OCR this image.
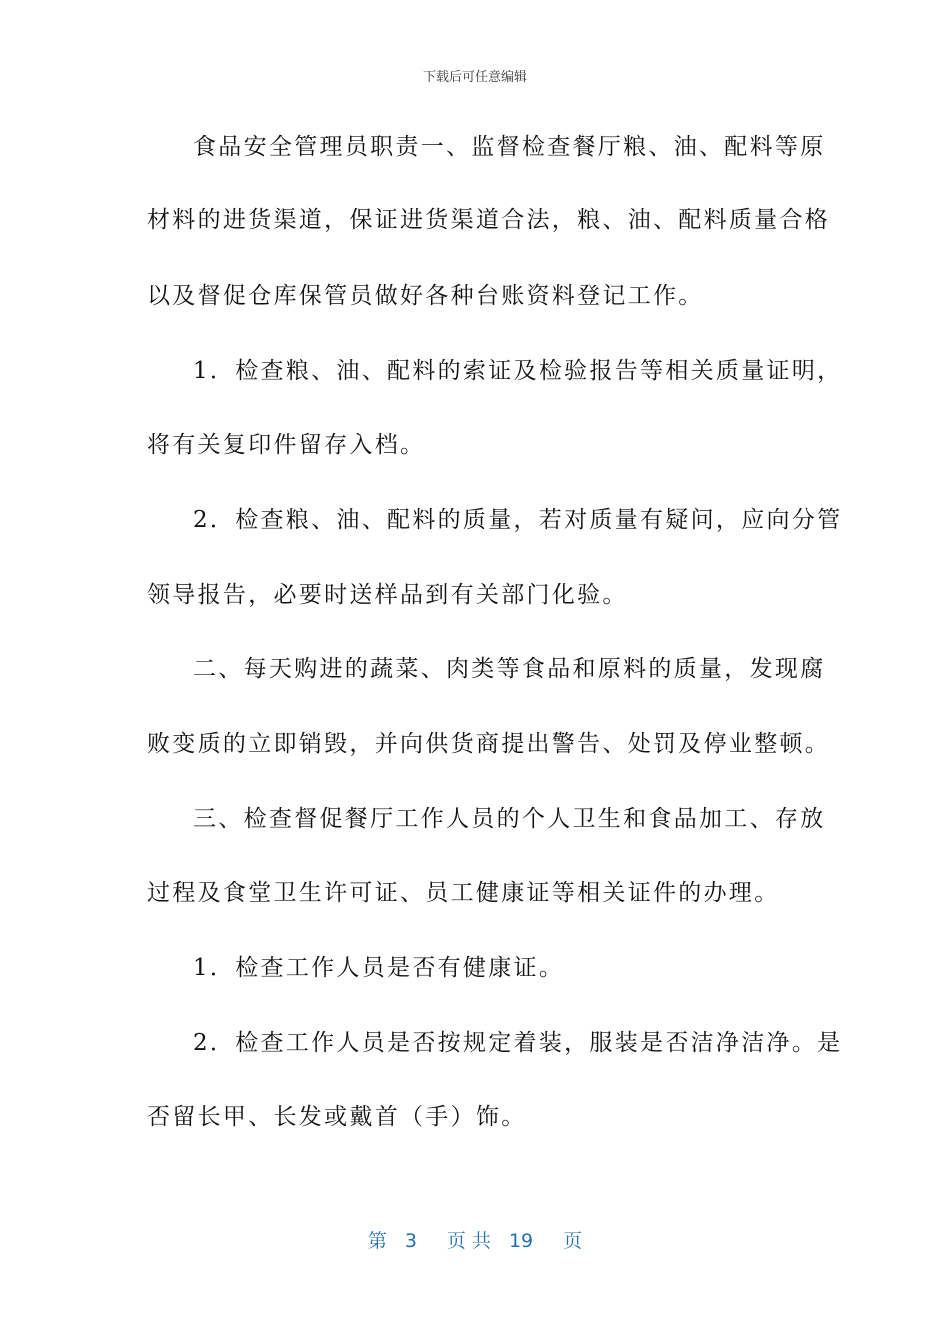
下载后可任意编辑
食品安全管理员职责一、监督检查餐厅粮、油、配料等原
材料的进货渠道，保证进货渠道合法，粮、油、配料质量合格
以及督促仓库保管员做好各种台账资料登记工作。
1．检查粮、油、配料的索证及检验报告等相关质量证明，
将有关复印件留存入档。
2．检查粮、油、配料的质量，若对质量有疑问，应向分管
领导报告，必要时送样品到有关部门化验。
二、每天购进的蔬菜、肉类等食品和原料的质量，发现腐
败变质的立即销毁，并向供货商提出警告、处罚及停业整顿。
三、检查督促餐厅工作人员的个人卫生和食品加工、存放
过程及食堂卫生许可证、员工健康证等相关证件的办理。
1．检查工作人员是否有健康证。
2．检查工作人员是否按规定着装，服装是否洁净洁净。是
否留长甲、长发或戴首（手）饰。
第 3 页 共 19 页
